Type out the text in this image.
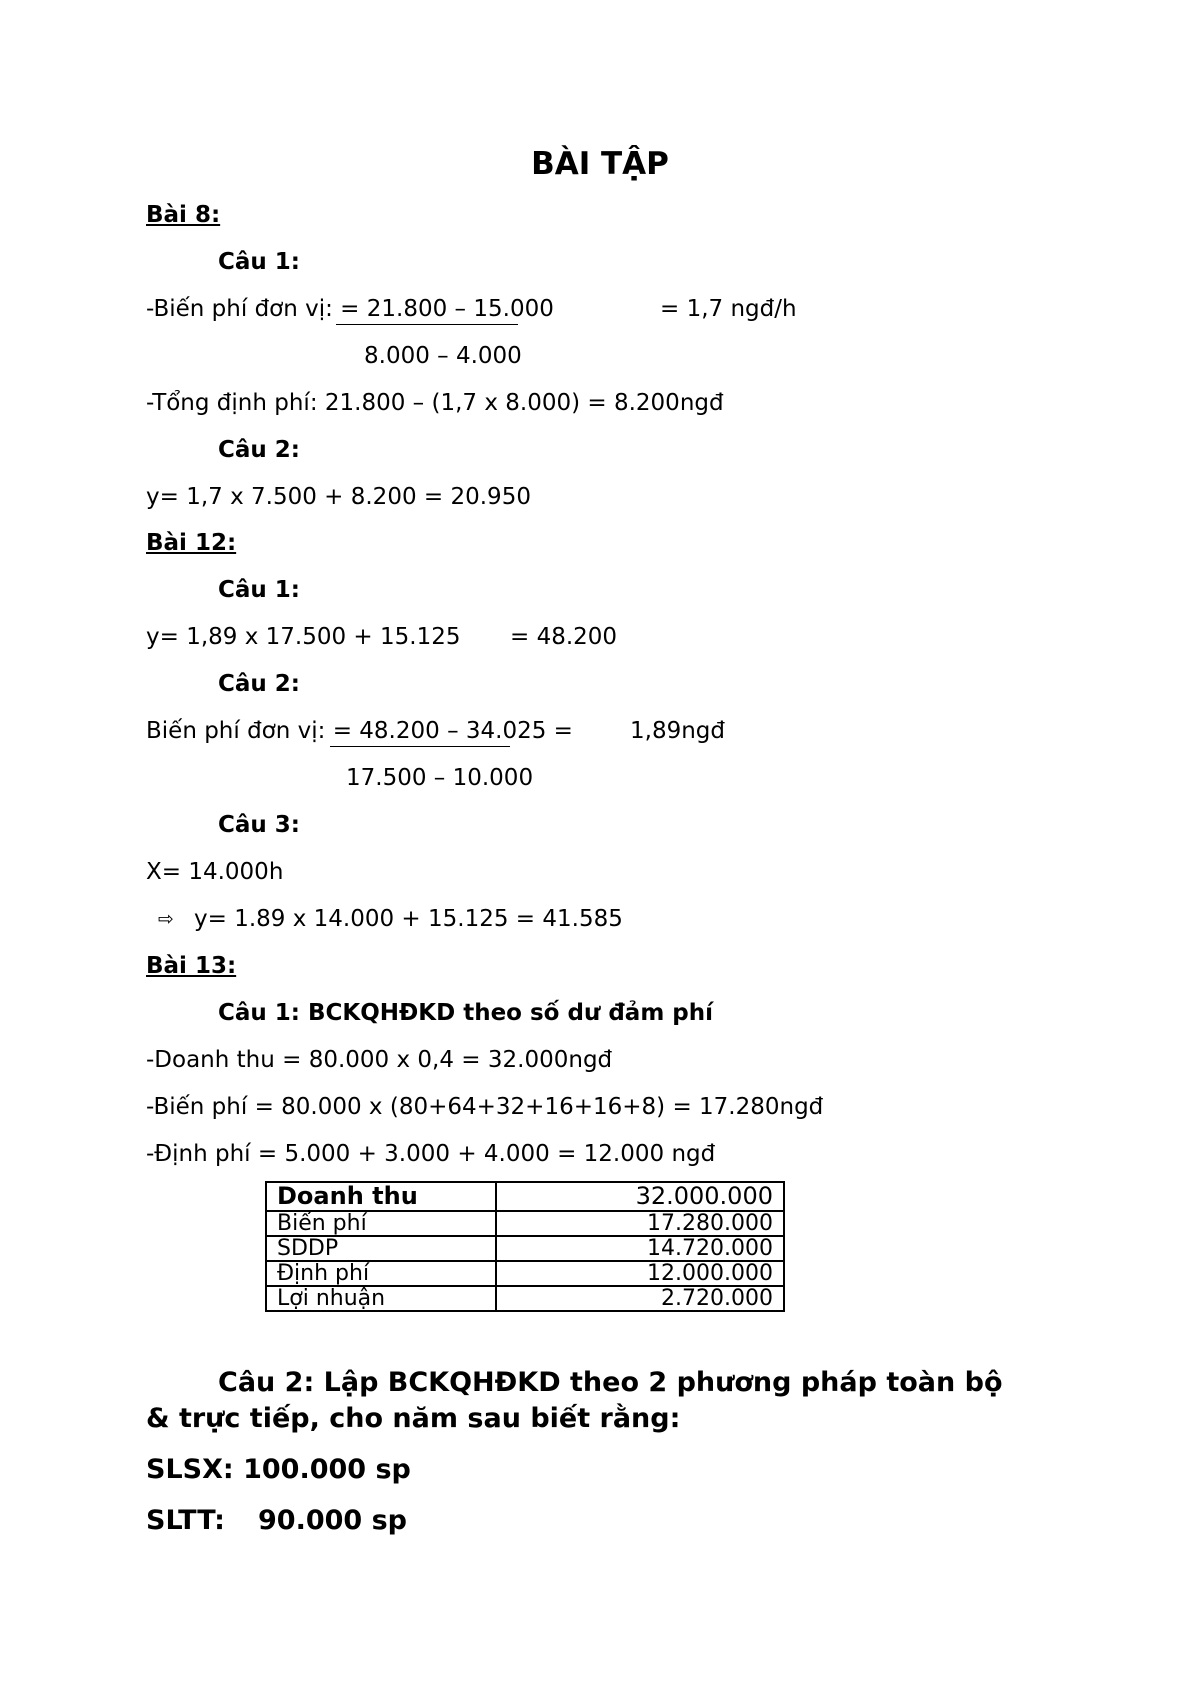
BÀI TẬP
Bài 8:
Câu 1:
-Biến phí đơn vị: = 21.800 – 15.000	= 1,7 ngđ/h
8.000 – 4.000
-Tổng định phí: 21.800 – (1,7 x 8.000) = 8.200ngđ
Câu 2:
y= 1,7 x 7.500 + 8.200 = 20.950
Bài 12:
Câu 1:
y= 1,89 x 17.500 + 15.125 = 48.200
Câu 2:
Biến phí đơn vị: = 48.200 – 34.025 = 1,89ngđ
17.500 – 10.000
Câu 3:
X= 14.000h
⇨ y= 1.89 x 14.000 + 15.125 = 41.585
Bài 13:
Câu 1: BCKQHĐKD theo số dư đảm phí
-Doanh thu = 80.000 x 0,4 = 32.000ngđ
-Biến phí = 80.000 x (80+64+32+16+16+8) = 17.280ngđ
-Định phí = 5.000 + 3.000 + 4.000 = 12.000 ngđ
Doanh thu	32.000.000
Biến phí	17.280.000
SDDP	14.720.000
Định phí	12.000.000
Lợi nhuận	2.720.000
Câu 2: Lập BCKQHĐKD theo 2 phương pháp toàn bộ
& trực tiếp, cho năm sau biết rằng:
SLSX: 100.000 sp
SLTT: 90.000 sp
